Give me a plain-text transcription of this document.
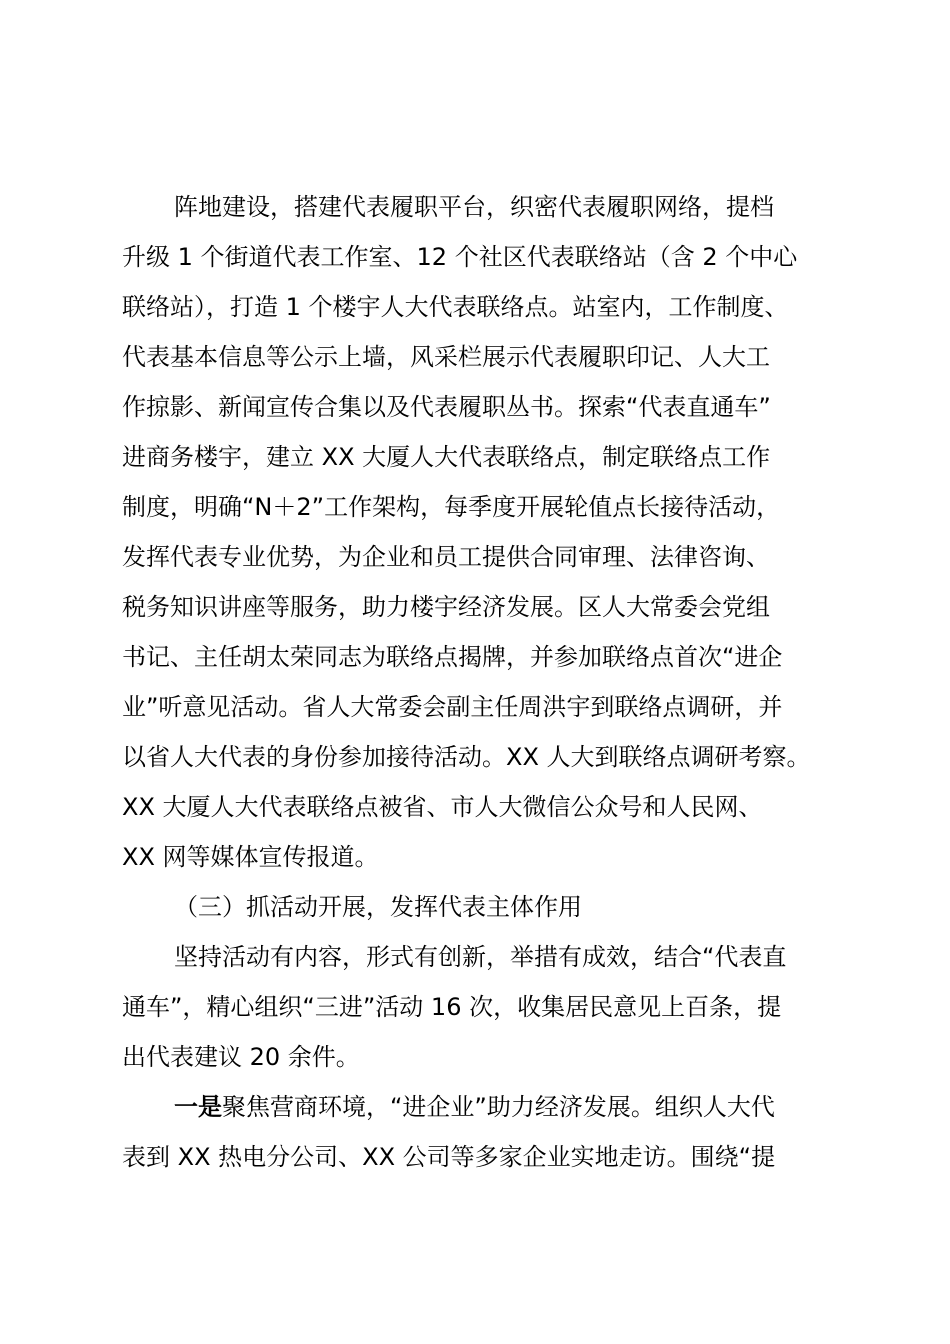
阵地建设，搭建代表履职平台，织密代表履职网络，提档
升级 1 个街道代表工作室、12 个社区代表联络站（含 2 个中心
联络站），打造 1 个楼宇人大代表联络点。站室内，工作制度、
代表基本信息等公示上墙，风采栏展示代表履职印记、人大工
作掠影、新闻宣传合集以及代表履职丛书。探索“代表直通车”
进商务楼宇，建立 XX 大厦人大代表联络点，制定联络点工作
制度，明确“N＋2”工作架构，每季度开展轮值点长接待活动，
发挥代表专业优势，为企业和员工提供合同审理、法律咨询、
税务知识讲座等服务，助力楼宇经济发展。区人大常委会党组
书记、主任胡太荣同志为联络点揭牌，并参加联络点首次“进企
业”听意见活动。省人大常委会副主任周洪宇到联络点调研，并
以省人大代表的身份参加接待活动。XX 人大到联络点调研考察。
XX 大厦人大代表联络点被省、市人大微信公众号和人民网、
XX 网等媒体宣传报道。
（三）抓活动开展，发挥代表主体作用
坚持活动有内容，形式有创新，举措有成效，结合“代表直
通车”，精心组织“三进”活动 16 次，收集居民意见上百条，提
出代表建议 20 余件。
一是聚焦营商环境，“进企业”助力经济发展。组织人大代
表到 XX 热电分公司、XX 公司等多家企业实地走访。围绕“提
